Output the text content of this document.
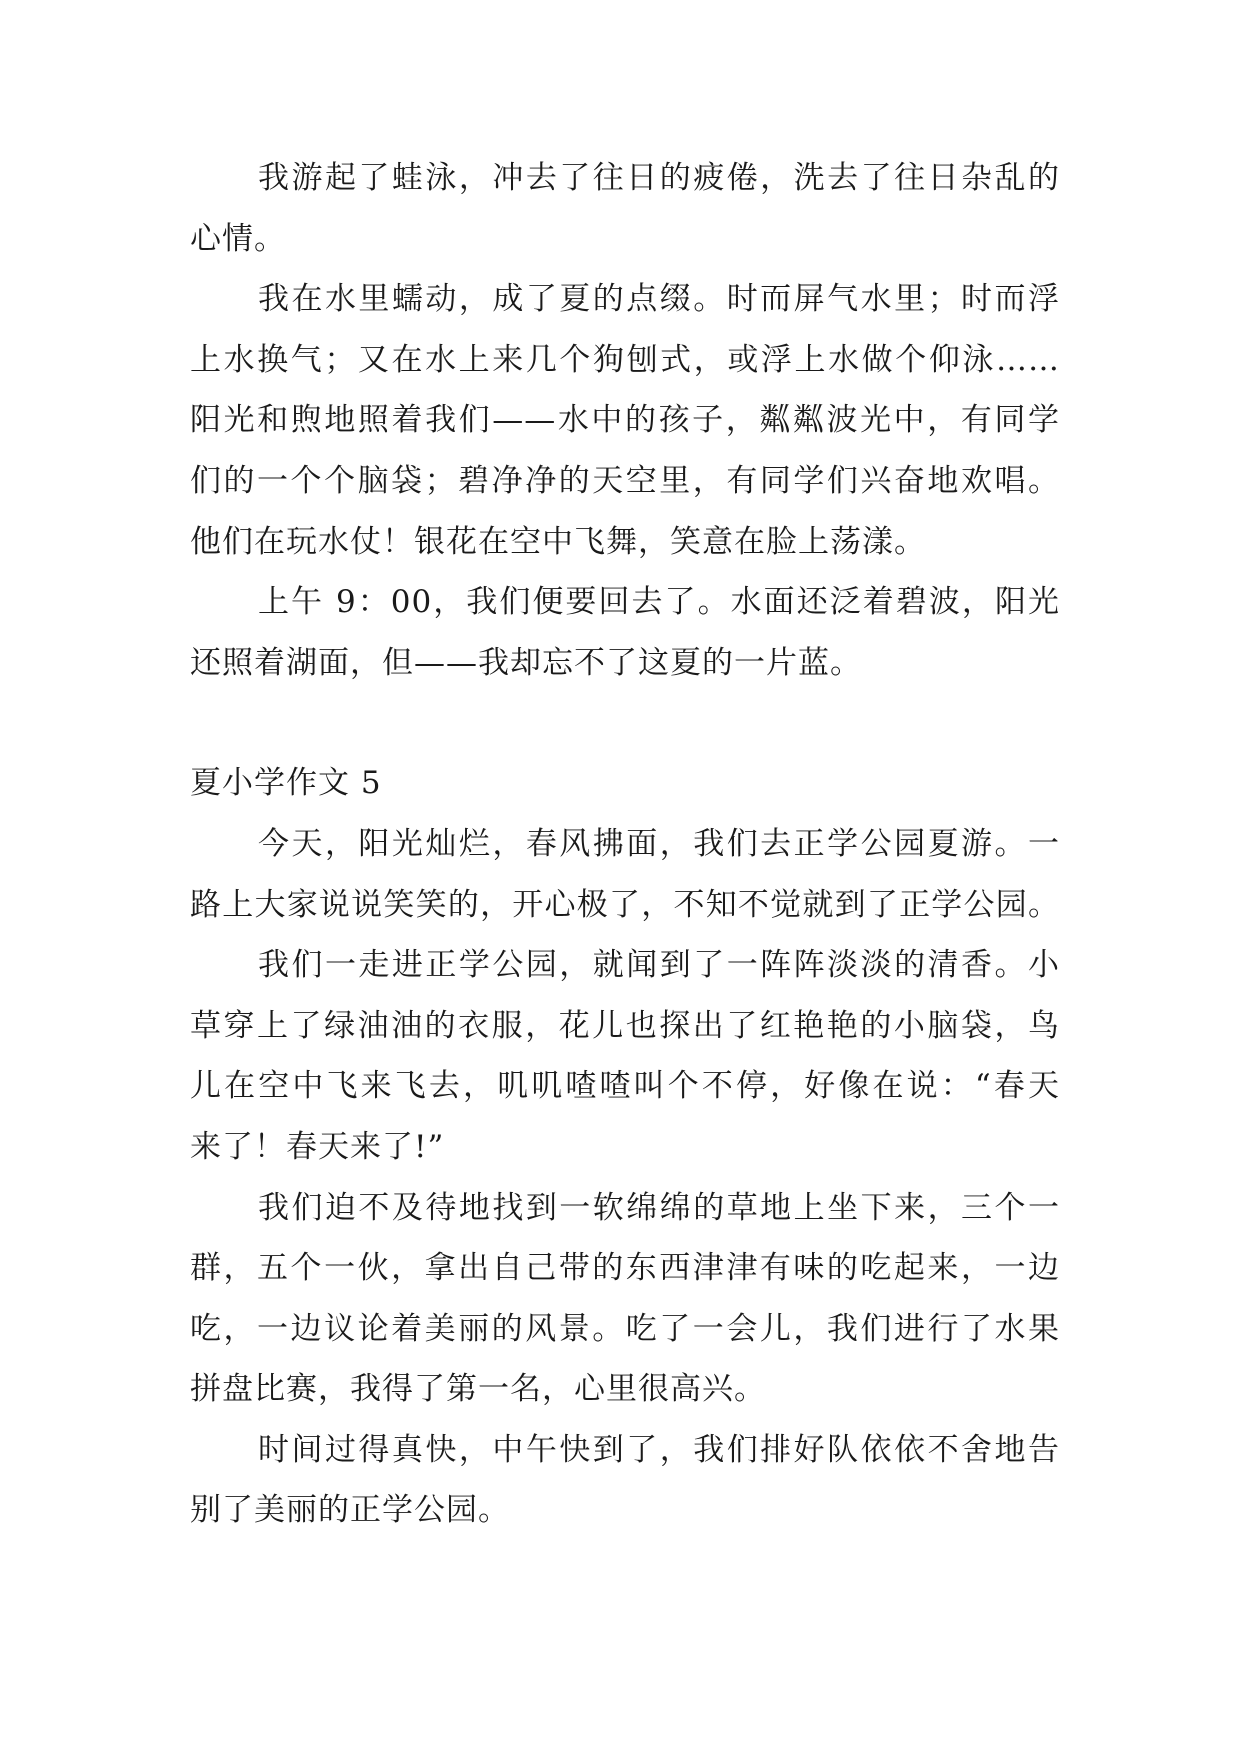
我游起了蛙泳，冲去了往日的疲倦，洗去了往日杂乱的
心情。
我在水里蠕动，成了夏的点缀。时而屏气水里；时而浮
上水换气；又在水上来几个狗刨式，或浮上水做个仰泳……
阳光和煦地照着我们——水中的孩子，粼粼波光中，有同学
们的一个个脑袋；碧净净的天空里，有同学们兴奋地欢唱。
他们在玩水仗！银花在空中飞舞，笑意在脸上荡漾。
上午 9：00，我们便要回去了。水面还泛着碧波，阳光
还照着湖面，但——我却忘不了这夏的一片蓝。
夏小学作文 5
今天，阳光灿烂，春风拂面，我们去正学公园夏游。一
路上大家说说笑笑的，开心极了，不知不觉就到了正学公园。
我们一走进正学公园，就闻到了一阵阵淡淡的清香。小
草穿上了绿油油的衣服，花儿也探出了红艳艳的小脑袋，鸟
儿在空中飞来飞去，叽叽喳喳叫个不停，好像在说：“春天
来了！春天来了!”
我们迫不及待地找到一软绵绵的草地上坐下来，三个一
群，五个一伙，拿出自己带的东西津津有味的吃起来，一边
吃，一边议论着美丽的风景。吃了一会儿，我们进行了水果
拼盘比赛，我得了第一名，心里很高兴。
时间过得真快，中午快到了，我们排好队依依不舍地告
别了美丽的正学公园。
